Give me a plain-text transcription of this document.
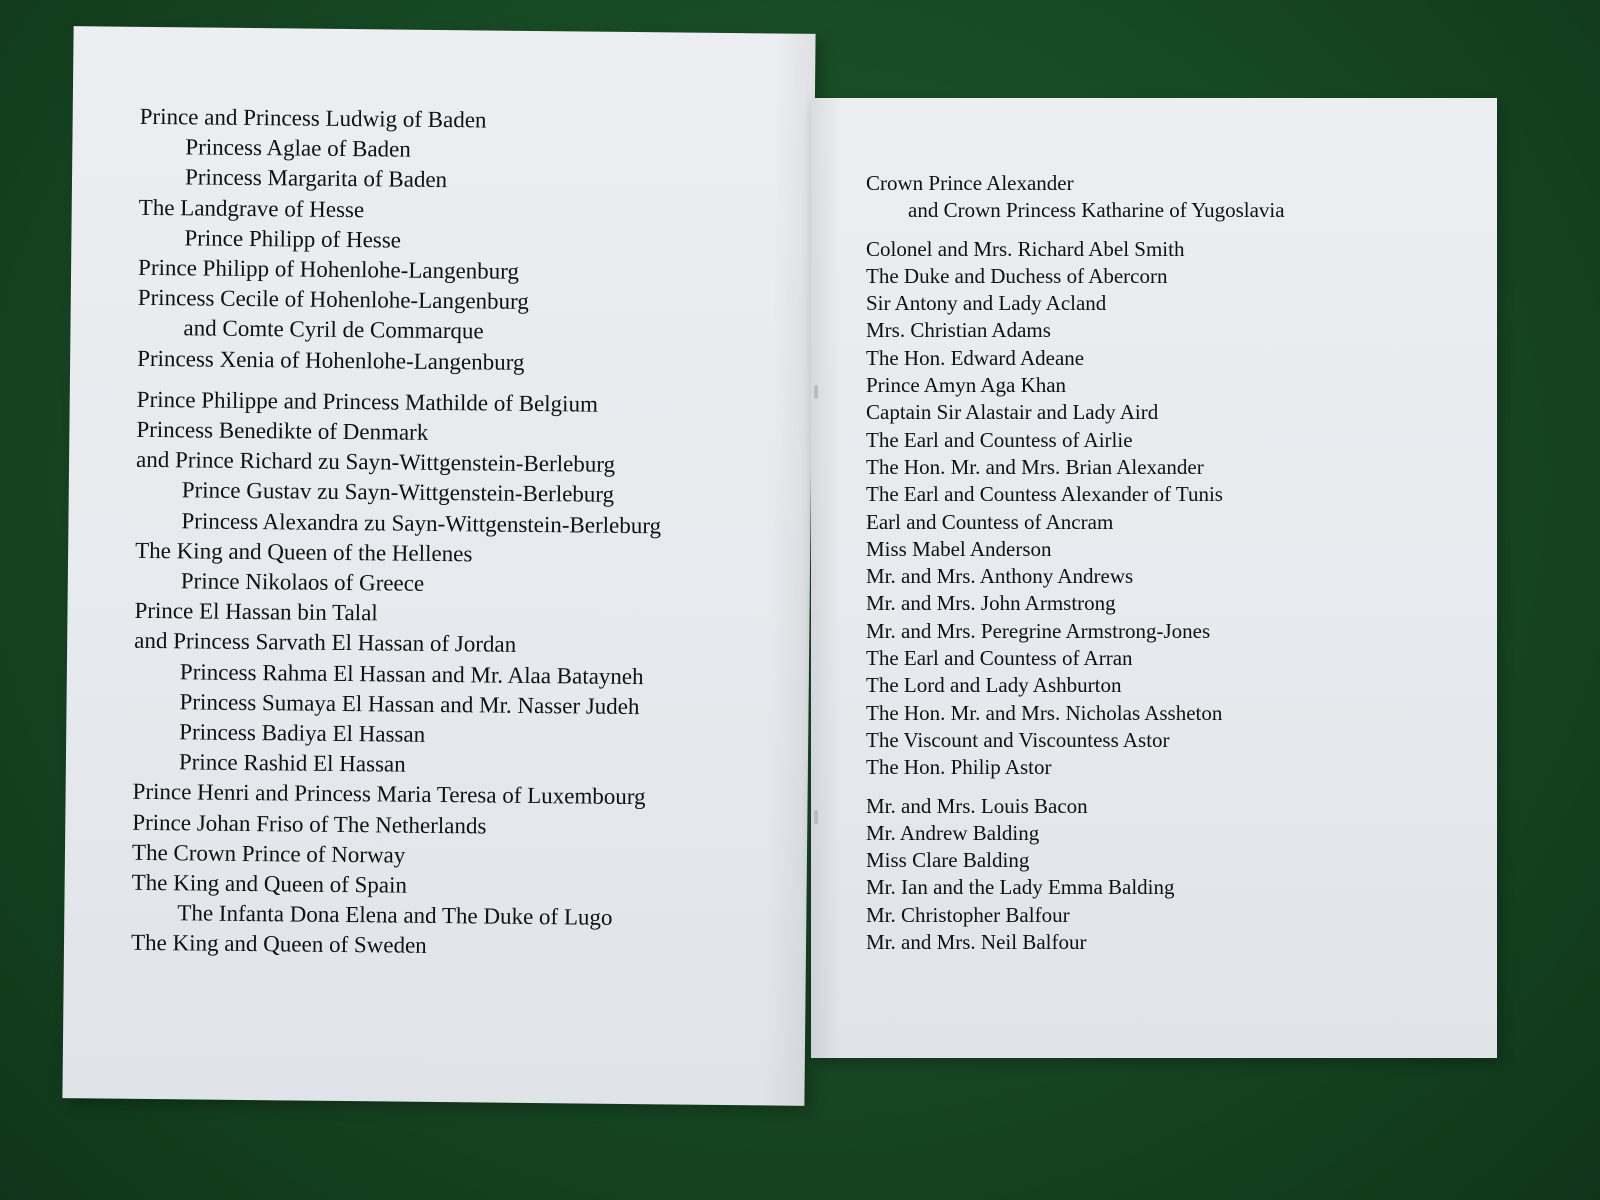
Prince and Princess Ludwig of Baden
Princess Aglae of Baden
Princess Margarita of Baden
The Landgrave of Hesse
Prince Philipp of Hesse
Prince Philipp of Hohenlohe-Langenburg
Princess Cecile of Hohenlohe-Langenburg
and Comte Cyril de Commarque
Princess Xenia of Hohenlohe-Langenburg
Prince Philippe and Princess Mathilde of Belgium
Princess Benedikte of Denmark
and Prince Richard zu Sayn-Wittgenstein-Berleburg
Prince Gustav zu Sayn-Wittgenstein-Berleburg
Princess Alexandra zu Sayn-Wittgenstein-Berleburg
The King and Queen of the Hellenes
Prince Nikolaos of Greece
Prince El Hassan bin Talal
and Princess Sarvath El Hassan of Jordan
Princess Rahma El Hassan and Mr. Alaa Batayneh
Princess Sumaya El Hassan and Mr. Nasser Judeh
Princess Badiya El Hassan
Prince Rashid El Hassan
Prince Henri and Princess Maria Teresa of Luxembourg
Prince Johan Friso of The Netherlands
The Crown Prince of Norway
The King and Queen of Spain
The Infanta Dona Elena and The Duke of Lugo
The King and Queen of Sweden
Crown Prince Alexander
and Crown Princess Katharine of Yugoslavia
Colonel and Mrs. Richard Abel Smith
The Duke and Duchess of Abercorn
Sir Antony and Lady Acland
Mrs. Christian Adams
The Hon. Edward Adeane
Prince Amyn Aga Khan
Captain Sir Alastair and Lady Aird
The Earl and Countess of Airlie
The Hon. Mr. and Mrs. Brian Alexander
The Earl and Countess Alexander of Tunis
Earl and Countess of Ancram
Miss Mabel Anderson
Mr. and Mrs. Anthony Andrews
Mr. and Mrs. John Armstrong
Mr. and Mrs. Peregrine Armstrong-Jones
The Earl and Countess of Arran
The Lord and Lady Ashburton
The Hon. Mr. and Mrs. Nicholas Assheton
The Viscount and Viscountess Astor
The Hon. Philip Astor
Mr. and Mrs. Louis Bacon
Mr. Andrew Balding
Miss Clare Balding
Mr. Ian and the Lady Emma Balding
Mr. Christopher Balfour
Mr. and Mrs. Neil Balfour
